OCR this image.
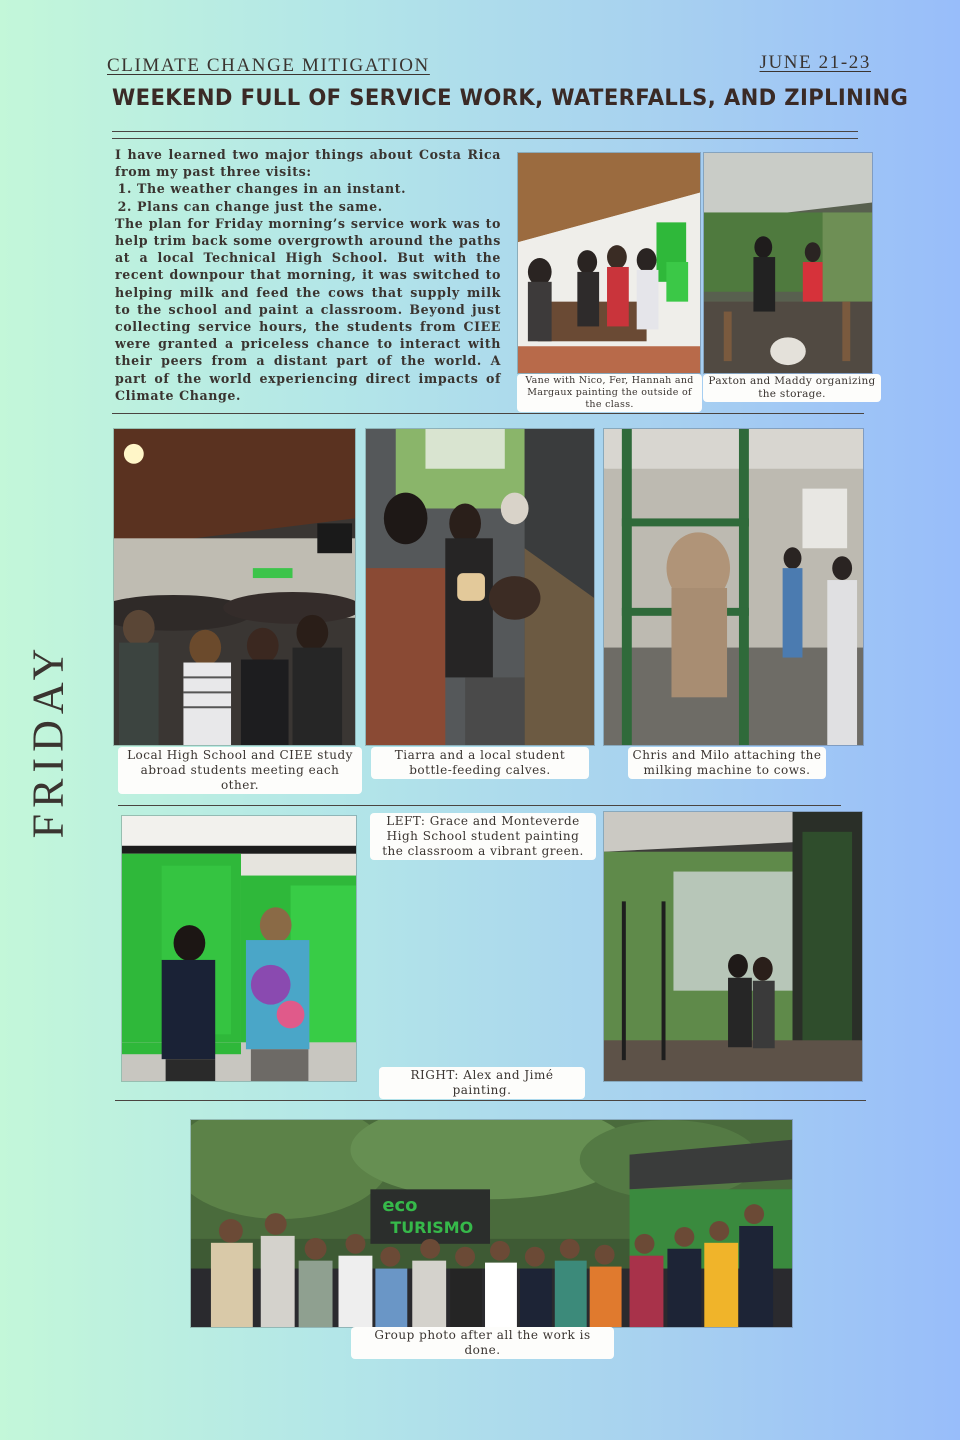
CLIMATE CHANGE MITIGATION	JUNE 21-23
WEEKEND FULL OF SERVICE WORK, WATERFALLS, AND ZIPLINING
I have learned two major things about Costa Rica from my past three visits:
1. The weather changes in an instant.
2. Plans can change just the same.
The plan for Friday morning’s service work was to help trim back some overgrowth around the paths at a local Technical High School. But with the recent downpour that morning, it was switched to helping milk and feed the cows that supply milk to the school and paint a classroom. Beyond just collecting service hours, the students from CIEE were granted a priceless chance to interact with their peers from a distant part of the world. A part of the world experiencing direct impacts of Climate Change.
Vane with Nico, Fer, Hannah and Margaux painting the outside of the class.
Paxton and Maddy organizing the storage.
Local High School and CIEE study abroad students meeting each other.
Tiarra and a local student bottle-feeding calves.
Chris and Milo attaching the milking machine to cows.
LEFT: Grace and Monteverde High School student painting the classroom a vibrant green.
RIGHT: Alex and Jimé painting.
eco
TURISMO
Group photo after all the work is done.
FRIDAY
